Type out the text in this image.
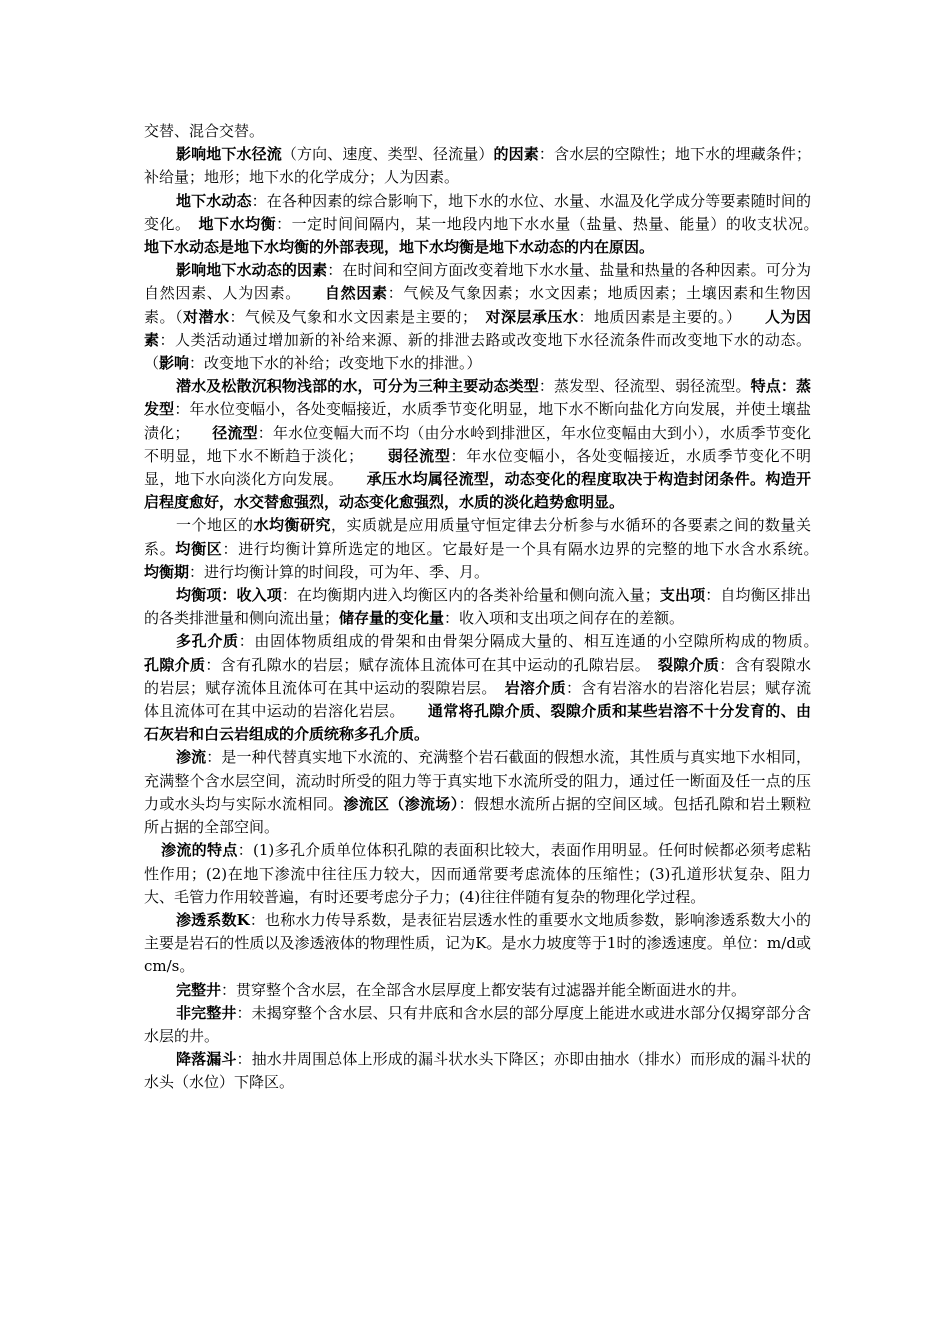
交替、混合交替。

影响地下水径流（方向、速度、类型、径流量）的因素：含水层的空隙性；地下水的埋藏条件；补给量；地形；地下水的化学成分；人为因素。

地下水动态：在各种因素的综合影响下，地下水的水位、水量、水温及化学成分等要素随时间的变化。　地下水均衡：一定时间间隔内，某一地段内地下水水量（盐量、热量、能量）的收支状况。　地下水动态是地下水均衡的外部表现，地下水均衡是地下水动态的内在原因。

影响地下水动态的因素：在时间和空间方面改变着地下水水量、盐量和热量的各种因素。可分为自然因素、人为因素。　　自然因素：气候及气象因素；水文因素；地质因素；土壤因素和生物因素。（对潜水：气候及气象和水文因素是主要的；　对深层承压水：地质因素是主要的。）　　人为因素：人类活动通过增加新的补给来源、新的排泄去路或改变地下水径流条件而改变地下水的动态。（影响：改变地下水的补给；改变地下水的排泄。）

潜水及松散沉积物浅部的水，可分为三种主要动态类型：蒸发型、径流型、弱径流型。特点：蒸发型：年水位变幅小，各处变幅接近，水质季节变化明显，地下水不断向盐化方向发展，并使土壤盐渍化；　　径流型：年水位变幅大而不均（由分水岭到排泄区，年水位变幅由大到小），水质季节变化不明显，地下水不断趋于淡化；　　弱径流型：年水位变幅小，各处变幅接近，水质季节变化不明显，地下水向淡化方向发展。　　承压水均属径流型，动态变化的程度取决于构造封闭条件。构造开启程度愈好，水交替愈强烈，动态变化愈强烈，水质的淡化趋势愈明显。

一个地区的水均衡研究，实质就是应用质量守恒定律去分析参与水循环的各要素之间的数量关系。均衡区：进行均衡计算所选定的地区。它最好是一个具有隔水边界的完整的地下水含水系统。　　均衡期：进行均衡计算的时间段，可为年、季、月。

均衡项：收入项：在均衡期内进入均衡区内的各类补给量和侧向流入量；支出项：自均衡区排出的各类排泄量和侧向流出量；储存量的变化量：收入项和支出项之间存在的差额。

多孔介质：由固体物质组成的骨架和由骨架分隔成大量的、相互连通的小空隙所构成的物质。　孔隙介质：含有孔隙水的岩层；赋存流体且流体可在其中运动的孔隙岩层。　裂隙介质：含有裂隙水的岩层；赋存流体且流体可在其中运动的裂隙岩层。　岩溶介质：含有岩溶水的岩溶化岩层；赋存流体且流体可在其中运动的岩溶化岩层。　　通常将孔隙介质、裂隙介质和某些岩溶不十分发育的、由石灰岩和白云岩组成的介质统称多孔介质。

渗流：是一种代替真实地下水流的、充满整个岩石截面的假想水流，其性质与真实地下水相同，充满整个含水层空间，流动时所受的阻力等于真实地下水流所受的阻力，通过任一断面及任一点的压力或水头均与实际水流相同。渗流区（渗流场）：假想水流所占据的空间区域。包括孔隙和岩土颗粒所占据的全部空间。

渗流的特点：(1)多孔介质单位体积孔隙的表面积比较大，表面作用明显。任何时候都必须考虑粘性作用；(2)在地下渗流中往往压力较大，因而通常要考虑流体的压缩性；(3)孔道形状复杂、阻力大、毛管力作用较普遍，有时还要考虑分子力；(4)往往伴随有复杂的物理化学过程。

渗透系数K：也称水力传导系数，是表征岩层透水性的重要水文地质参数，影响渗透系数大小的主要是岩石的性质以及渗透液体的物理性质，记为K。是水力坡度等于1时的渗透速度。单位：m/d或cm/s。

完整井：贯穿整个含水层，在全部含水层厚度上都安装有过滤器并能全断面进水的井。

非完整井：未揭穿整个含水层、只有井底和含水层的部分厚度上能进水或进水部分仅揭穿部分含水层的井。

降落漏斗：抽水井周围总体上形成的漏斗状水头下降区；亦即由抽水（排水）而形成的漏斗状的水头（水位）下降区。
